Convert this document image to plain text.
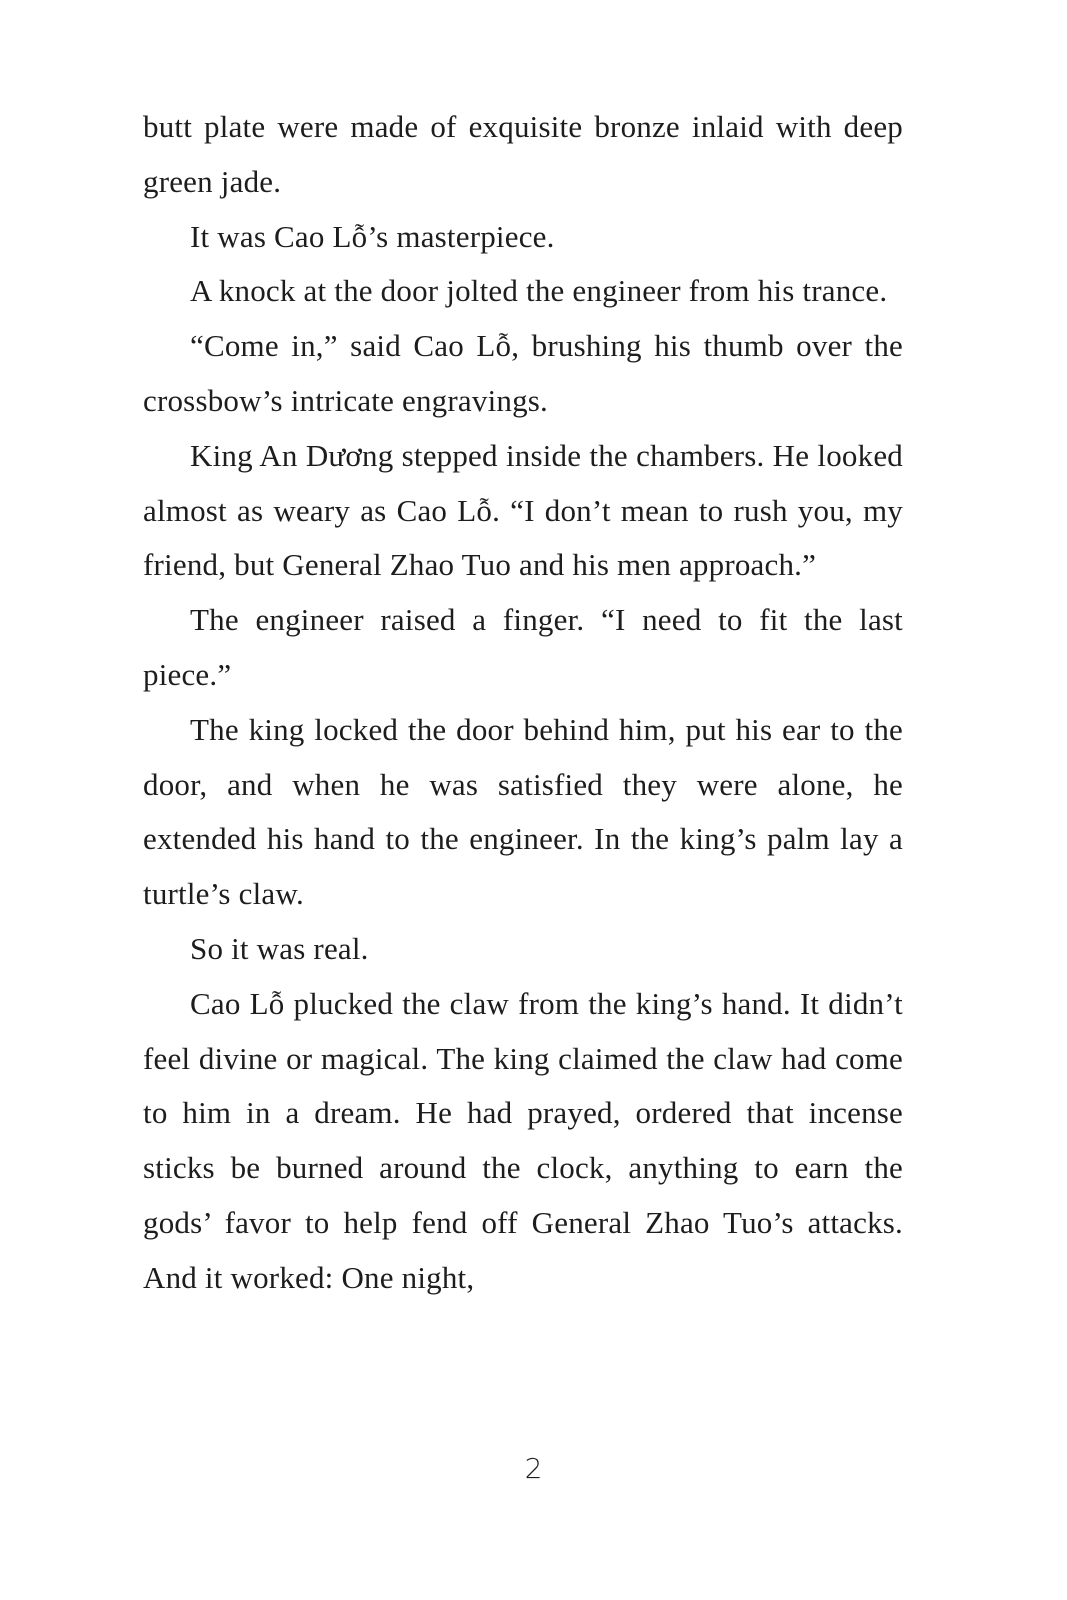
butt plate were made of exquisite bronze inlaid with deep green jade.

It was Cao Lỗ’s masterpiece.

A knock at the door jolted the engineer from his trance.

“Come in,” said Cao Lỗ, brushing his thumb over the crossbow’s intricate engravings.

King An Dương stepped inside the chambers. He looked almost as weary as Cao Lỗ. “I don’t mean to rush you, my friend, but General Zhao Tuo and his men approach.”

The engineer raised a finger. “I need to fit the last piece.”

The king locked the door behind him, put his ear to the door, and when he was satisfied they were alone, he extended his hand to the engineer. In the king’s palm lay a turtle’s claw.

So it was real.

Cao Lỗ plucked the claw from the king’s hand. It didn’t feel divine or magical. The king claimed the claw had come to him in a dream. He had prayed, ordered that incense sticks be burned around the clock, anything to earn the gods’ favor to help fend off General Zhao Tuo’s attacks. And it worked: One night,

2
